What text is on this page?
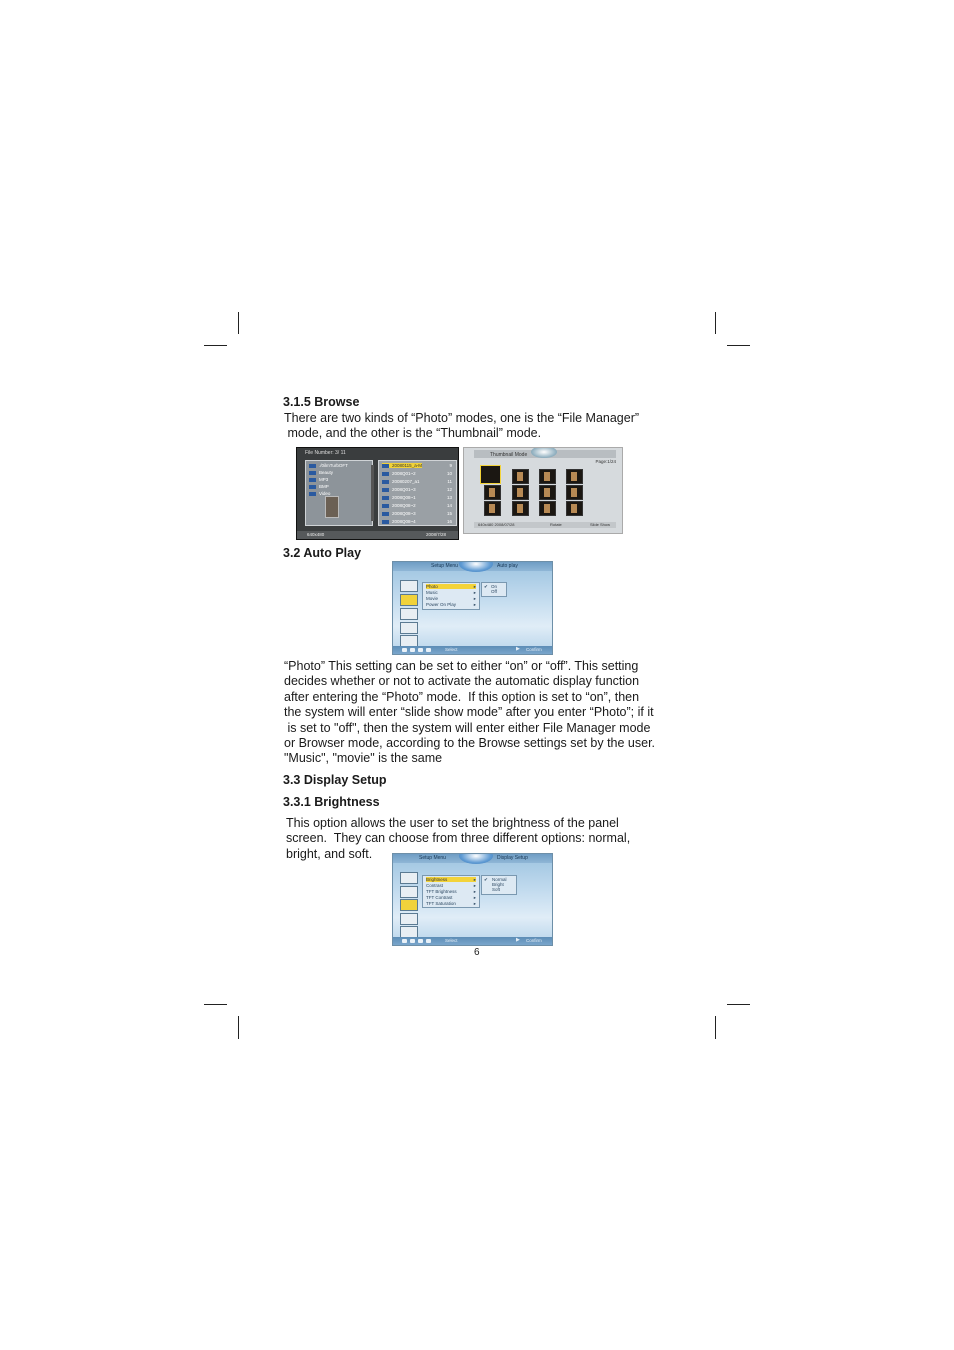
3.1.5 Browse
There are two kinds of “Photo” modes, one is the “File Manager”
mode, and the other is the “Thumbnail” mode.
File Number: 3/ 11
./0ilmTurbOFT
Beauty
MP3
BMP
Video
20080115_a-M	9
2008Q01~2	10
20080207_a1	11
2008Q01~3	12
2008Q08~1	13
2008Q08~2	14
2008Q08~3	15
2008Q08~4	16
640x480	2008/7/28
Thumbnail Mode
Page:1/24
640x480 2008/07/28	Rotate	Slide Show
3.2 Auto Play
Setup Menu	Auto play
Photo	▸
Music	▸
Movie	▸
Power On Play	▸
✔ On
Off
Select	▶ Confirm
“Photo” This setting can be set to either “on” or “off”. This setting
decides whether or not to activate the automatic display function
after entering the “Photo” mode.  If this option is set to “on”, then
the system will enter “slide show mode” after you enter “Photo”; if it
is set to "off", then the system will enter either File Manager mode
or Browser mode, according to the Browse settings set by the user.
"Music", "movie" is the same
3.3 Display Setup
3.3.1 Brightness
This option allows the user to set the brightness of the panel
screen.  They can choose from three different options: normal,
bright, and soft.	Setup Menu	Display Setup
Brightness	▸
Contrast	▸
TFT Brightness	▸
TFT Contrast	▸
TFT Saturation	▸
✔ Normal
Bright
Soft
Select	▶ Confirm
6
